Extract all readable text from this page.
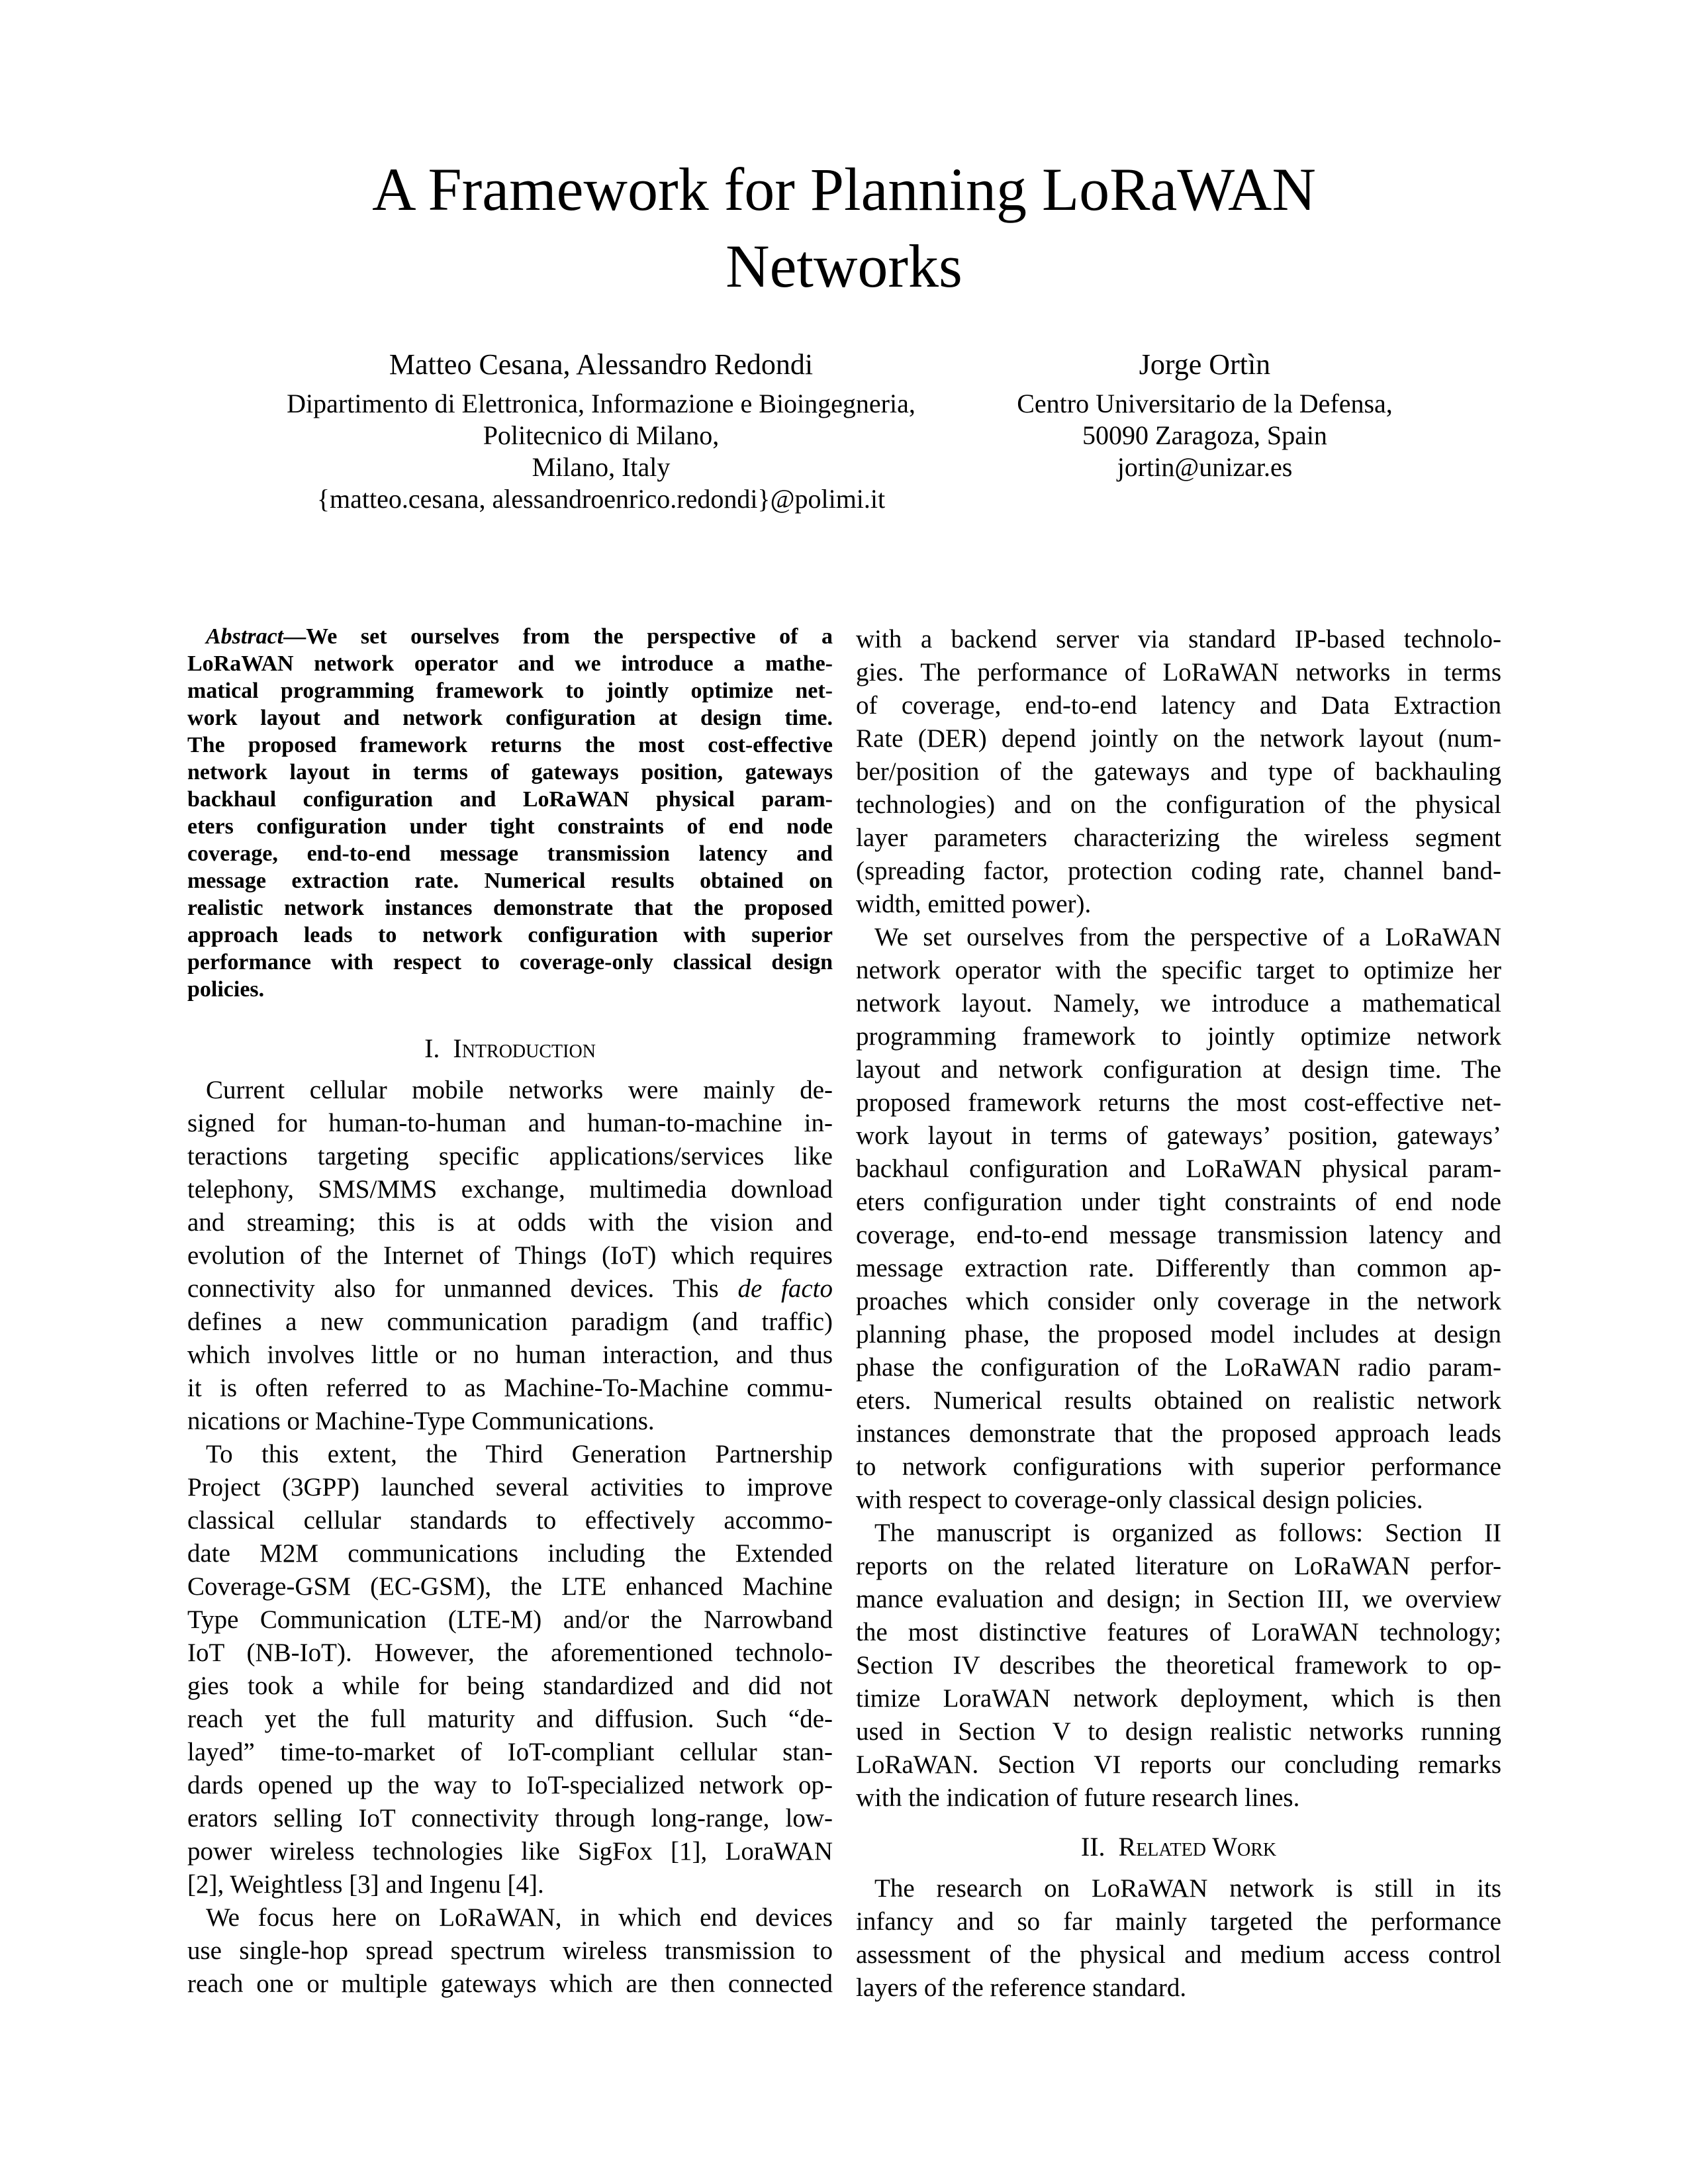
A Framework for Planning LoRaWAN
Networks
Matteo Cesana, Alessandro Redondi
Dipartimento di Elettronica, Informazione e Bioingegneria,
Politecnico di Milano,
Milano, Italy
{matteo.cesana, alessandroenrico.redondi}@polimi.it
Jorge Ortìn
Centro Universitario de la Defensa,
50090 Zaragoza, Spain
jortin@unizar.es
Abstract—We set ourselves from the perspective of a
LoRaWAN network operator and we introduce a mathe-
matical programming framework to jointly optimize net-
work layout and network configuration at design time.
The proposed framework returns the most cost-effective
network layout in terms of gateways position, gateways
backhaul configuration and LoRaWAN physical param-
eters configuration under tight constraints of end node
coverage, end-to-end message transmission latency and
message extraction rate. Numerical results obtained on
realistic network instances demonstrate that the proposed
approach leads to network configuration with superior
performance with respect to coverage-only classical design
policies.
I. Introduction
Current cellular mobile networks were mainly de-
signed for human-to-human and human-to-machine in-
teractions targeting specific applications/services like
telephony, SMS/MMS exchange, multimedia download
and streaming; this is at odds with the vision and
evolution of the Internet of Things (IoT) which requires
connectivity also for unmanned devices. This de facto
defines a new communication paradigm (and traffic)
which involves little or no human interaction, and thus
it is often referred to as Machine-To-Machine commu-
nications or Machine-Type Communications.
To this extent, the Third Generation Partnership
Project (3GPP) launched several activities to improve
classical cellular standards to effectively accommo-
date M2M communications including the Extended
Coverage-GSM (EC-GSM), the LTE enhanced Machine
Type Communication (LTE-M) and/or the Narrowband
IoT (NB-IoT). However, the aforementioned technolo-
gies took a while for being standardized and did not
reach yet the full maturity and diffusion. Such “de-
layed” time-to-market of IoT-compliant cellular stan-
dards opened up the way to IoT-specialized network op-
erators selling IoT connectivity through long-range, low-
power wireless technologies like SigFox [1], LoraWAN
[2], Weightless [3] and Ingenu [4].
We focus here on LoRaWAN, in which end devices
use single-hop spread spectrum wireless transmission to
reach one or multiple gateways which are then connected
with a backend server via standard IP-based technolo-
gies. The performance of LoRaWAN networks in terms
of coverage, end-to-end latency and Data Extraction
Rate (DER) depend jointly on the network layout (num-
ber/position of the gateways and type of backhauling
technologies) and on the configuration of the physical
layer parameters characterizing the wireless segment
(spreading factor, protection coding rate, channel band-
width, emitted power).
We set ourselves from the perspective of a LoRaWAN
network operator with the specific target to optimize her
network layout. Namely, we introduce a mathematical
programming framework to jointly optimize network
layout and network configuration at design time. The
proposed framework returns the most cost-effective net-
work layout in terms of gateways’ position, gateways’
backhaul configuration and LoRaWAN physical param-
eters configuration under tight constraints of end node
coverage, end-to-end message transmission latency and
message extraction rate. Differently than common ap-
proaches which consider only coverage in the network
planning phase, the proposed model includes at design
phase the configuration of the LoRaWAN radio param-
eters. Numerical results obtained on realistic network
instances demonstrate that the proposed approach leads
to network configurations with superior performance
with respect to coverage-only classical design policies.
The manuscript is organized as follows: Section II
reports on the related literature on LoRaWAN perfor-
mance evaluation and design; in Section III, we overview
the most distinctive features of LoraWAN technology;
Section IV describes the theoretical framework to op-
timize LoraWAN network deployment, which is then
used in Section V to design realistic networks running
LoRaWAN. Section VI reports our concluding remarks
with the indication of future research lines.
II. Related Work
The research on LoRaWAN network is still in its
infancy and so far mainly targeted the performance
assessment of the physical and medium access control
layers of the reference standard.
